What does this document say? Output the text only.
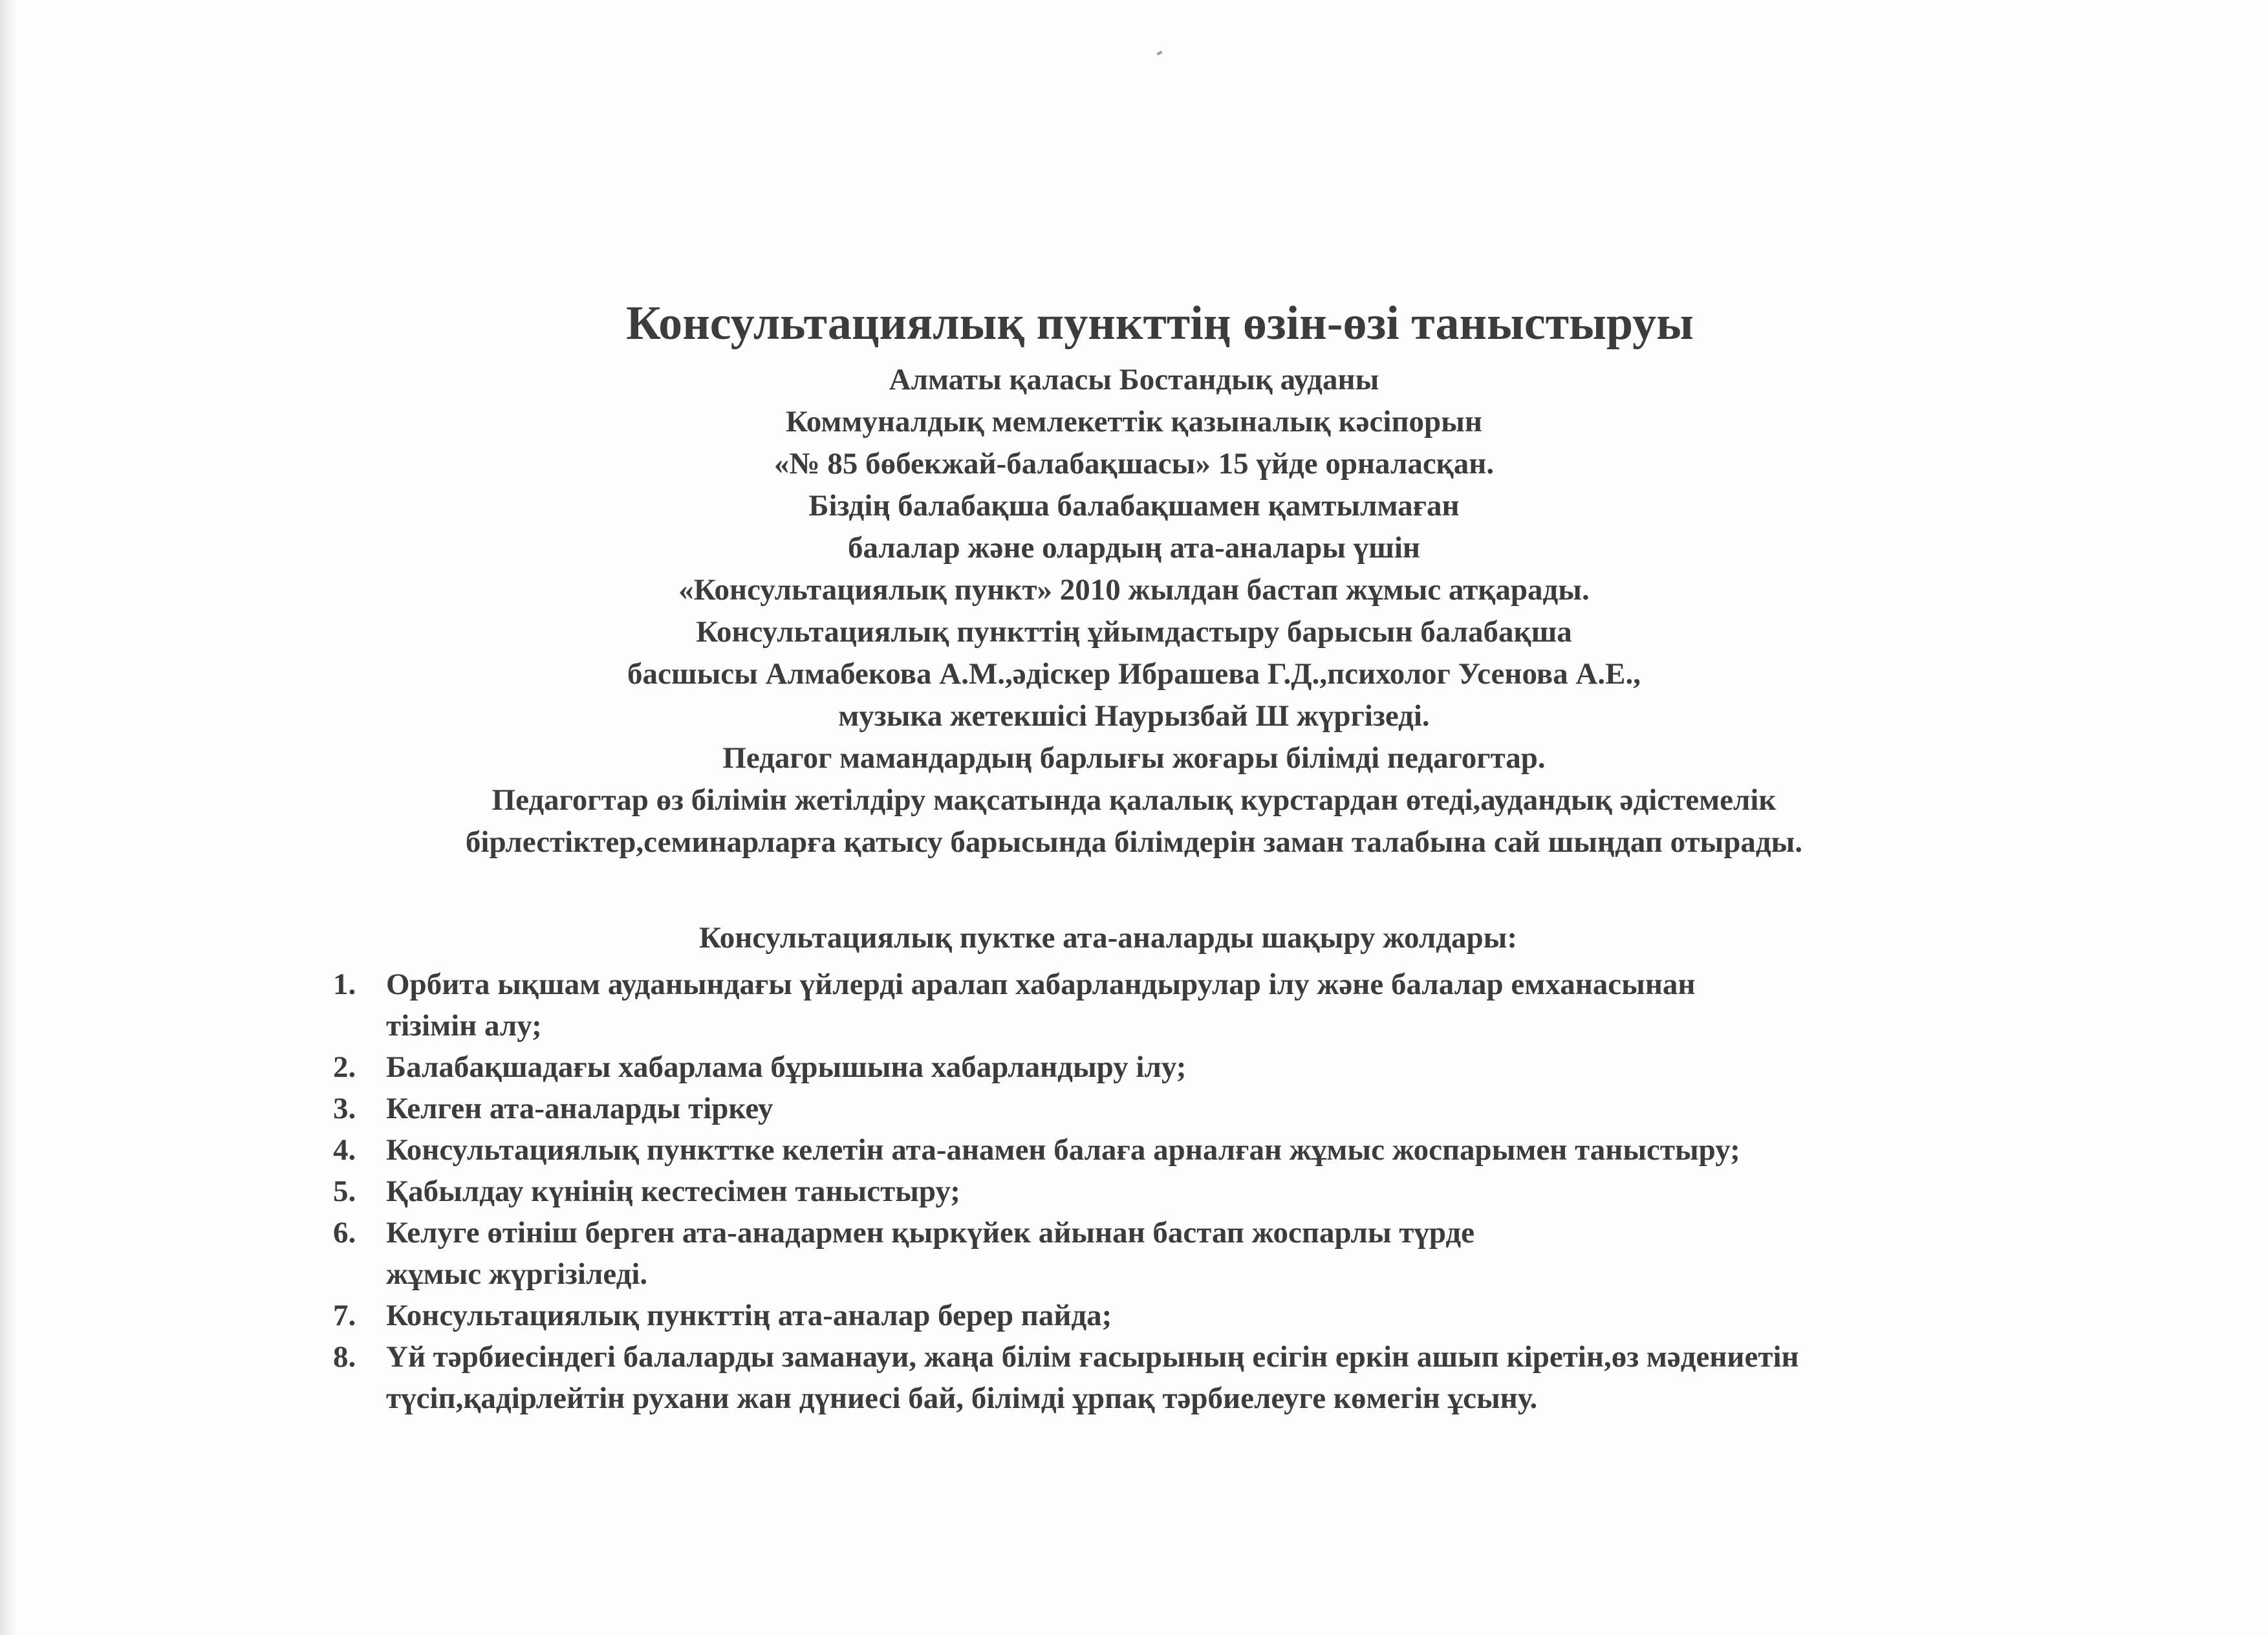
Консультациялық пункттің өзін-өзі таныстыруы
Алматы қаласы Бостандық ауданы
Коммуналдық мемлекеттік қазыналық кәсіпорын
«№ 85 бөбекжай-балабақшасы» 15 үйде орналасқан.
Біздің балабақша балабақшамен қамтылмаған
балалар және олардың ата-аналары үшін
«Консультациялық пункт» 2010 жылдан бастап жұмыс атқарады.
Консультациялық пункттің ұйымдастыру барысын балабақша
басшысы Алмабекова А.М.,әдіскер Ибрашева Г.Д.,психолог Усенова А.Е.,
музыка жетекшісі Наурызбай Ш жүргізеді.
Педагог мамандардың барлығы жоғары білімді педагогтар.
Педагогтар өз білімін жетілдіру мақсатында қалалық курстардан өтеді,аудандық әдістемелік
бірлестіктер,семинарларға қатысу барысында білімдерін заман талабына сай шыңдап отырады.
Консультациялық пуктке ата-аналарды шақыру жолдары:
1. Орбита ықшам ауданындағы үйлерді аралап хабарландырулар ілу және балалар емханасынан
тізімін алу;
2. Балабақшадағы хабарлама бұрышына хабарландыру ілу;
3. Келген ата-аналарды тіркеу
4. Консультациялық пункттке келетін ата-анамен балаға арналған жұмыс жоспарымен таныстыру;
5. Қабылдау күнінің кестесімен таныстыру;
6. Келуге өтініш берген ата-анадармен қыркүйек айынан бастап жоспарлы түрде
жұмыс жүргізіледі.
7. Консультациялық пункттің ата-аналар берер пайда;
8. Үй тәрбиесіндегі балаларды заманауи, жаңа білім ғасырының есігін еркін ашып кіретін,өз мәдениетін
түсіп,қадірлейтін рухани жан дүниесі бай, білімді ұрпақ тәрбиелеуге көмегін ұсыну.
